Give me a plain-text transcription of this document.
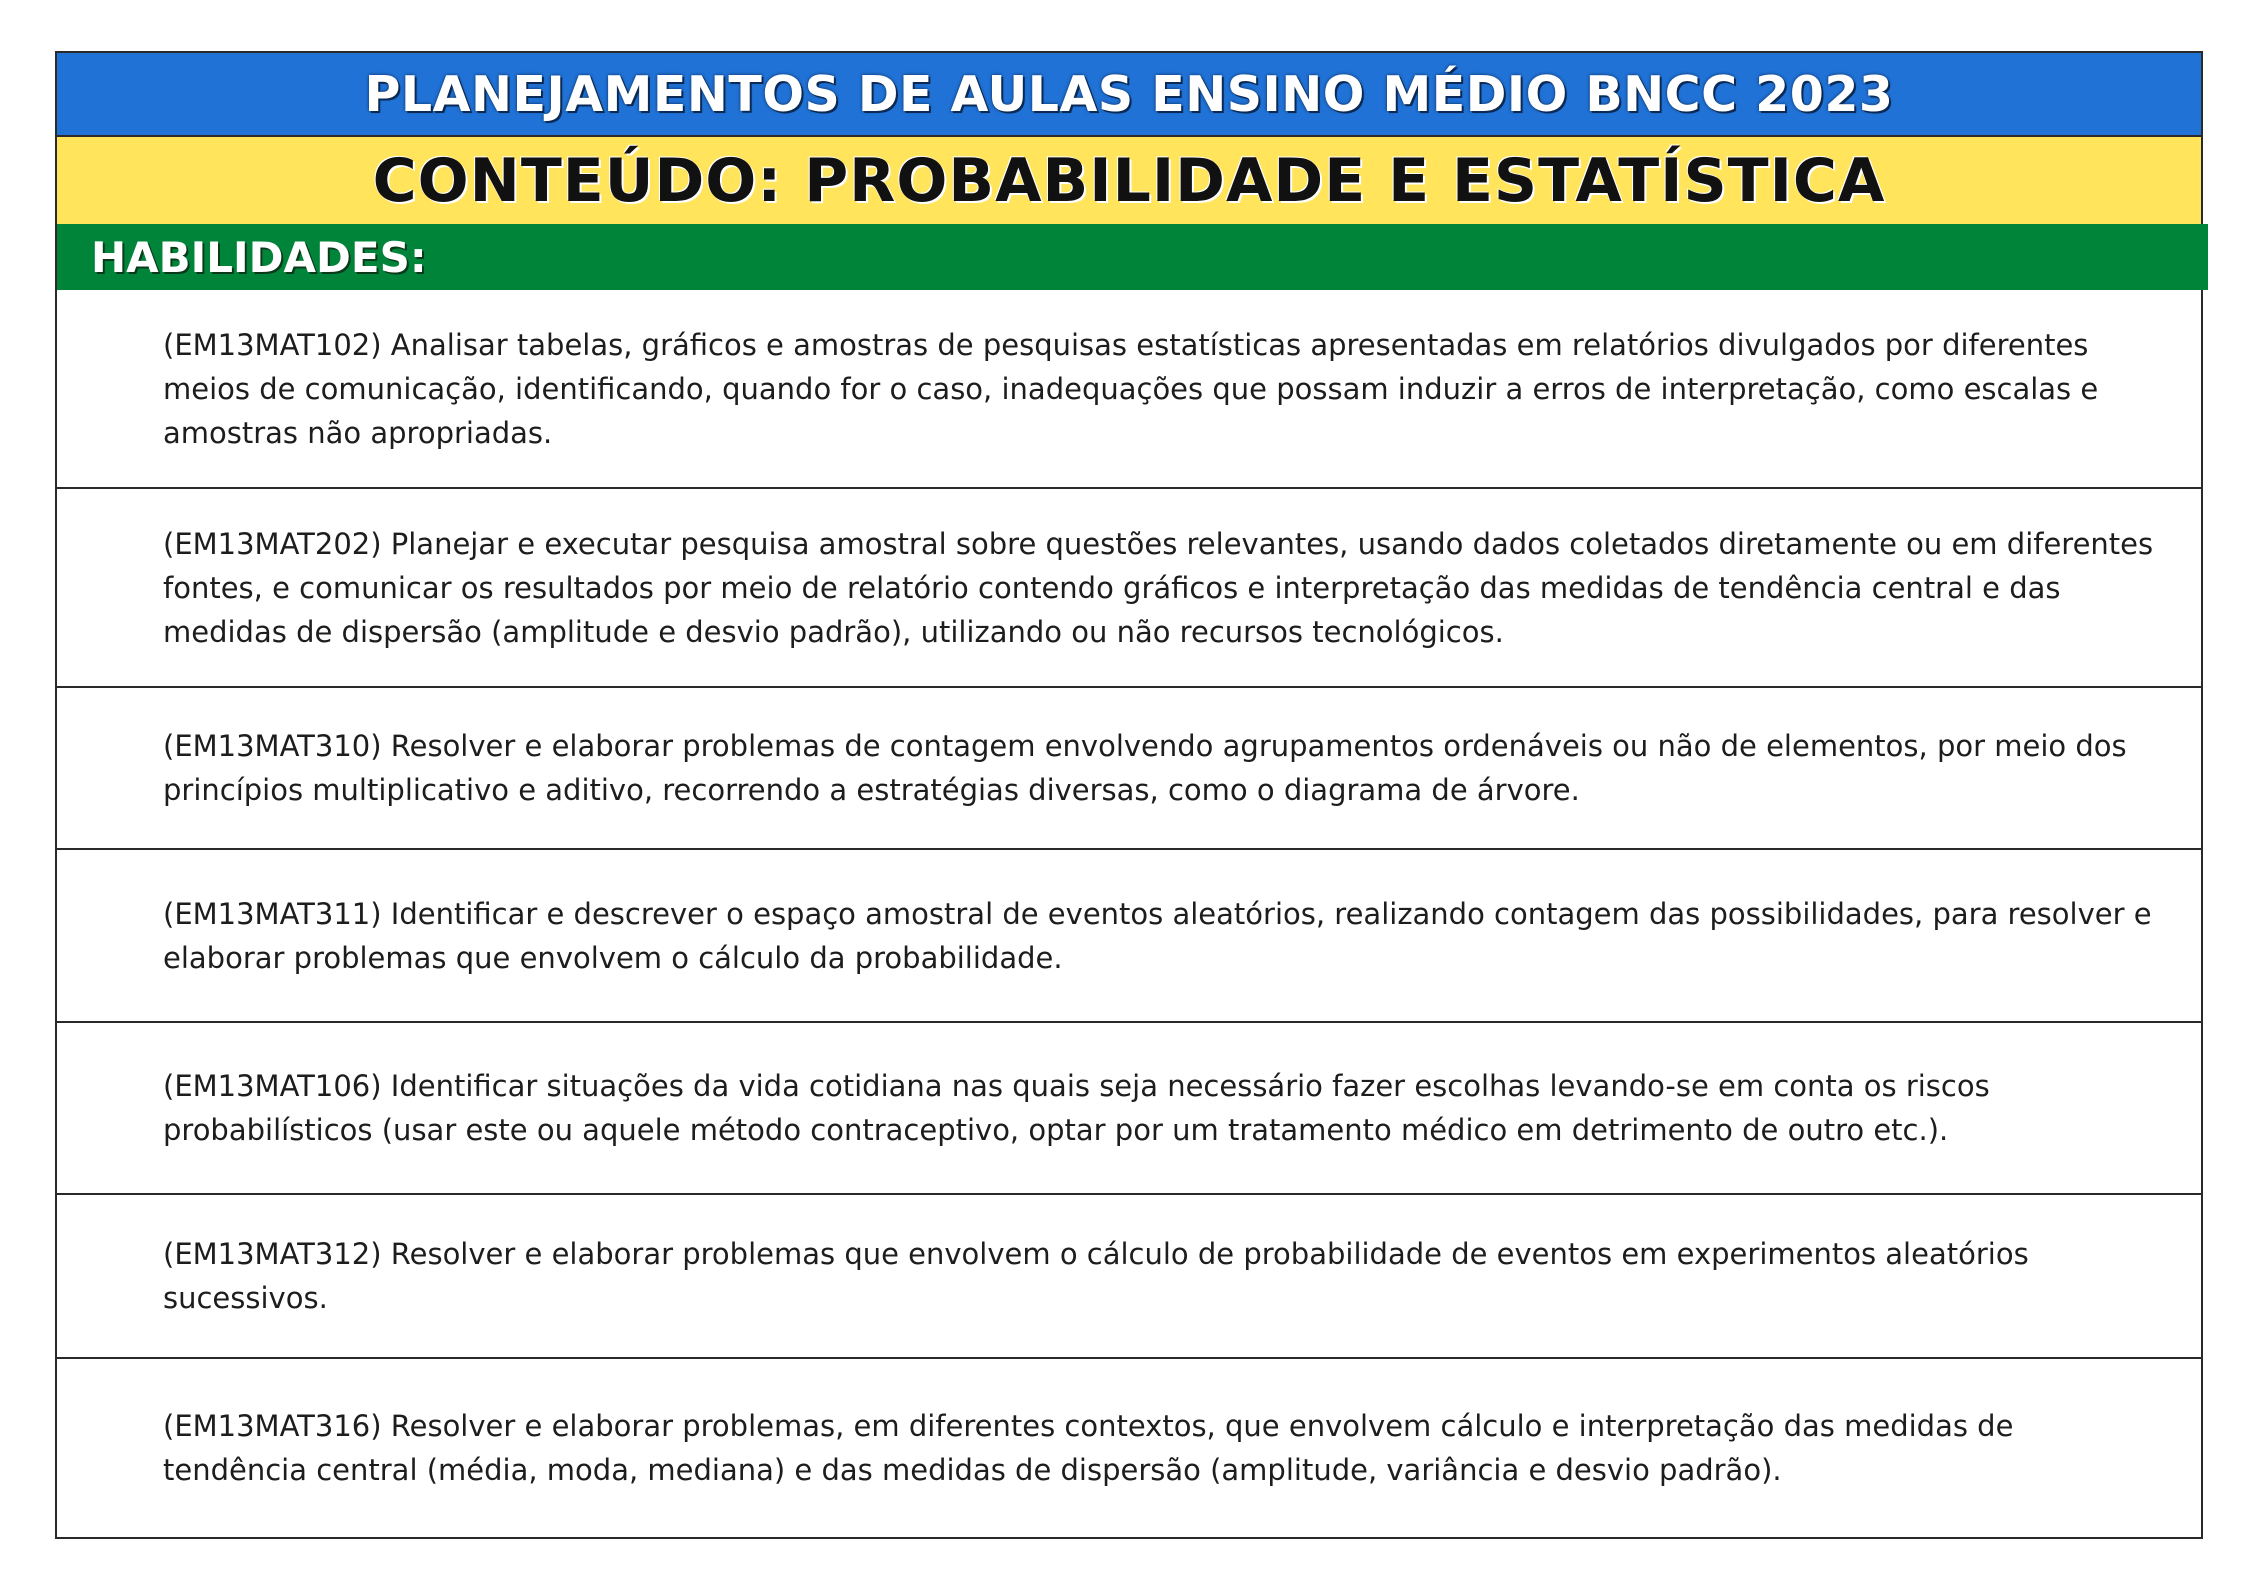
PLANEJAMENTOS DE AULAS ENSINO MÉDIO BNCC 2023
CONTEÚDO: PROBABILIDADE E ESTATÍSTICA
HABILIDADES:
(EM13MAT102) Analisar tabelas, gráficos e amostras de pesquisas estatísticas apresentadas em relatórios divulgados por diferentes meios de comunicação, identificando, quando for o caso, inadequações que possam induzir a erros de interpretação, como escalas e amostras não apropriadas.
(EM13MAT202) Planejar e executar pesquisa amostral sobre questões relevantes, usando dados coletados diretamente ou em diferentes fontes, e comunicar os resultados por meio de relatório contendo gráficos e interpretação das medidas de tendência central e das medidas de dispersão (amplitude e desvio padrão), utilizando ou não recursos tecnológicos.
(EM13MAT310) Resolver e elaborar problemas de contagem envolvendo agrupamentos ordenáveis ou não de elementos, por meio dos princípios multiplicativo e aditivo, recorrendo a estratégias diversas, como o diagrama de árvore.
(EM13MAT311) Identificar e descrever o espaço amostral de eventos aleatórios, realizando contagem das possibilidades, para resolver e elaborar problemas que envolvem o cálculo da probabilidade.
(EM13MAT106) Identificar situações da vida cotidiana nas quais seja necessário fazer escolhas levando-se em conta os riscos probabilísticos (usar este ou aquele método contraceptivo, optar por um tratamento médico em detrimento de outro etc.).
(EM13MAT312) Resolver e elaborar problemas que envolvem o cálculo de probabilidade de eventos em experimentos aleatórios sucessivos.
(EM13MAT316) Resolver e elaborar problemas, em diferentes contextos, que envolvem cálculo e interpretação das medidas de tendência central (média, moda, mediana) e das medidas de dispersão (amplitude, variância e desvio padrão).
